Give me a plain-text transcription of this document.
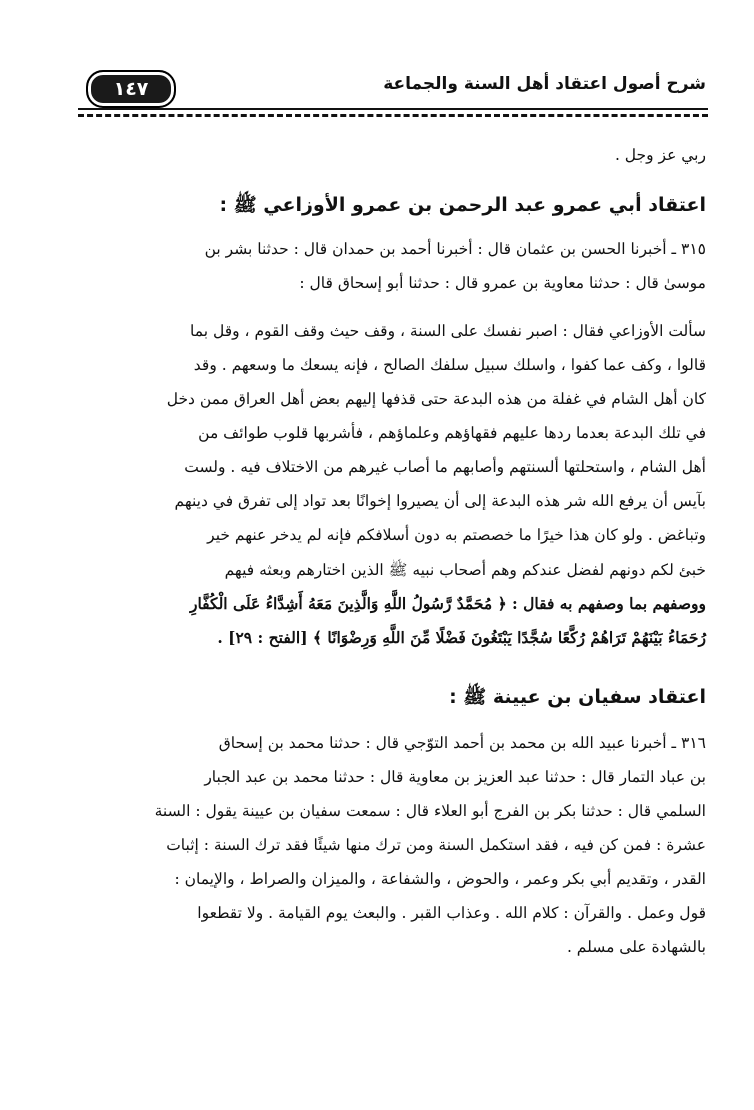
١٤٧	شرح أصول اعتقاد أهل السنة والجماعة
ربي عز وجل .
اعتقاد أبي عمرو عبد الرحمن بن عمرو الأوزاعي ﷺ :
٣١٥ ـ أخبرنا الحسن بن عثمان قال : أخبرنا أحمد بن حمدان قال : حدثنا بشر بن
موسىٰ قال : حدثنا معاوية بن عمرو قال : حدثنا أبو إسحاق قال :
سألت الأوزاعي فقال : اصبر نفسك على السنة ، وقف حيث وقف القوم ، وقل بما
قالوا ، وكف عما كفوا ، واسلك سبيل سلفك الصالح ، فإنه يسعك ما وسعهم . وقد
كان أهل الشام في غفلة من هذه البدعة حتى قذفها إليهم بعض أهل العراق ممن دخل
في تلك البدعة بعدما ردها عليهم فقهاؤهم وعلماؤهم ، فأشربها قلوب طوائف من
أهل الشام ، واستحلتها ألسنتهم وأصابهم ما أصاب غيرهم من الاختلاف فيه . ولست
بآيس أن يرفع الله شر هذه البدعة إلى أن يصيروا إخوانًا بعد تواد إلى تفرق في دينهم
وتباغض . ولو كان هذا خيرًا ما خصصتم به دون أسلافكم فإنه لم يدخر عنهم خير
خبئ لكم دونهم لفضل عندكم وهم أصحاب نبيه ﷺ الذين اختارهم وبعثه فيهم
ووصفهم بما وصفهم به فقال : ﴿ مُحَمَّدٌ رَّسُولُ اللَّهِ وَالَّذِينَ مَعَهُ أَشِدَّاءُ عَلَى الْكُفَّارِ
رُحَمَاءُ بَيْنَهُمْ تَرَاهُمْ رُكَّعًا سُجَّدًا يَبْتَغُونَ فَضْلًا مِّنَ اللَّهِ وَرِضْوَانًا ﴾ [الفتح : ٢٩] .
اعتقاد سفيان بن عيينة ﷺ :
٣١٦ ـ أخبرنا عبيد الله بن محمد بن أحمد التوّجي قال : حدثنا محمد بن إسحاق
بن عباد التمار قال : حدثنا عبد العزيز بن معاوية قال : حدثنا محمد بن عبد الجبار
السلمي قال : حدثنا بكر بن الفرج أبو العلاء قال : سمعت سفيان بن عيينة يقول : السنة
عشرة : فمن كن فيه ، فقد استكمل السنة ومن ترك منها شيئًا فقد ترك السنة : إثبات
القدر ، وتقديم أبي بكر وعمر ، والحوض ، والشفاعة ، والميزان والصراط ، والإيمان :
قول وعمل . والقرآن : كلام الله . وعذاب القبر . والبعث يوم القيامة . ولا تقطعوا
بالشهادة على مسلم .
